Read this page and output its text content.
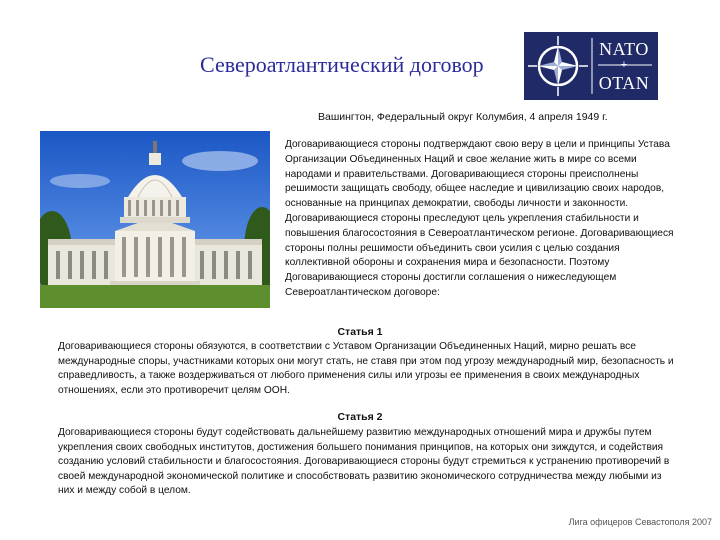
Североатлантический договор
NATO
+
OTAN
Вашингтон, Федеральный округ Колумбия, 4 апреля 1949 г.

Договаривающиеся стороны подтверждают свою веру в цели и принципы Устава Организации Объединенных Наций и свое желание жить в мире со всеми народами и правительствами. Договаривающиеся стороны преисполнены решимости защищать свободу, общее наследие и цивилизацию своих народов, основанные на принципах демократии, свободы личности и законности. Договаривающиеся стороны преследуют цель укрепления стабильности и повышения благосостояния в Североатлантическом регионе. Договаривающиеся стороны полны решимости объединить свои усилия с целью создания коллективной обороны и сохранения мира и безопасности. Поэтому Договаривающиеся стороны достигли соглашения о нижеследующем Североатлантическом договоре:

Статья 1

Договаривающиеся стороны обязуются, в соответствии с Уставом Организации Объединенных Наций, мирно решать все международные споры, участниками которых они могут стать, не ставя при этом под угрозу международный мир, безопасность и справедливость, а также воздерживаться от любого применения силы или угрозы ее применения в своих международных отношениях, если это противоречит целям ООН.

Статья 2

Договаривающиеся стороны будут содействовать дальнейшему развитию международных отношений мира и дружбы путем укрепления своих свободных институтов, достижения большего понимания принципов, на которых они зиждутся, и содействия созданию условий стабильности и благосостояния. Договаривающиеся стороны будут стремиться к устранению противоречий в своей международной экономической политике и способствовать развитию экономического сотрудничества между любыми из них и между собой в целом.

Лига офицеров Севастополя 2007
